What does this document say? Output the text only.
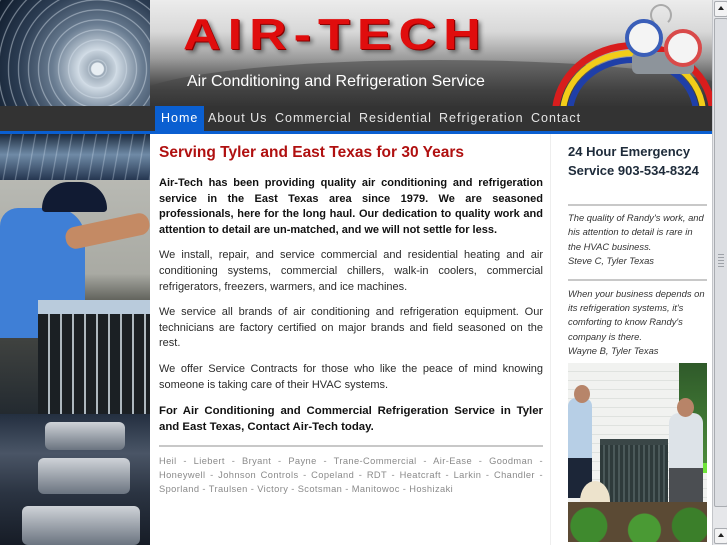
AIR-TECH
Air Conditioning and Refrigeration Service
Home About Us Commercial Residential Refrigeration Contact
Serving Tyler and East Texas for 30 Years

Air-Tech has been providing quality air conditioning and refrigeration service in the East Texas area since 1979. We are seasoned professionals, here for the long haul. Our dedication to quality work and attention to detail are un-matched, and we will not settle for less.

We install, repair, and service commercial and residential heating and air conditioning systems, commercial chillers, walk-in coolers, commercial refrigerators, freezers, warmers, and ice machines.

We service all brands of air conditioning and refrigeration equipment. Our technicians are factory certified on major brands and field seasoned on the rest.

We offer Service Contracts for those who like the peace of mind knowing someone is taking care of their HVAC systems.

For Air Conditioning and Commercial Refrigeration Service in Tyler and East Texas, Contact Air-Tech today.

Heil - Liebert - Bryant - Payne - Trane-Commercial - Air-Ease - Goodman - Honeywell - Johnson Controls - Copeland - RDT - Heatcraft - Larkin - Chandler - Sporland - Traulsen - Victory - Scotsman - Manitowoc - Hoshizaki
24 Hour Emergency
Service 903-534-8324
The quality of Randy's work, and his attention to detail is rare in the HVAC business.
Steve C, Tyler Texas
When your business depends on its refrigeration systems, it's comforting to know Randy's company is there.
Wayne B, Tyler Texas
